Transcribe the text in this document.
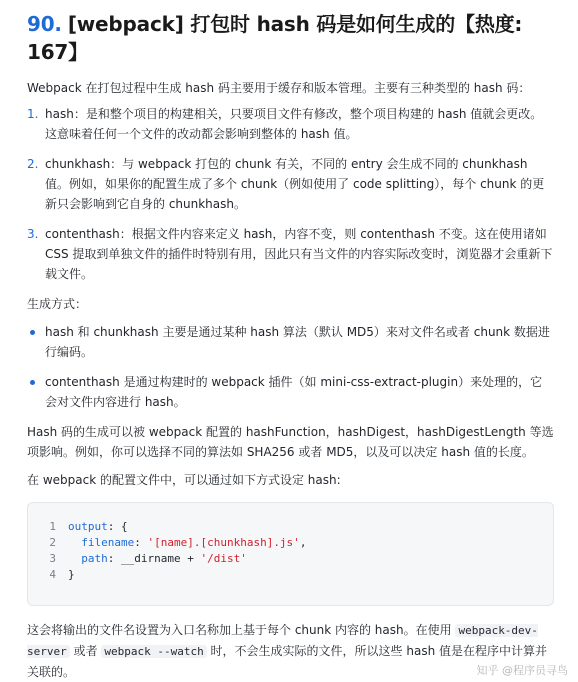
90. [webpack] 打包时 hash 码是如何生成的【热度: 167】

Webpack 在打包过程中生成 hash 码主要用于缓存和版本管理。主要有三种类型的 hash 码：

1. hash：是和整个项目的构建相关，只要项目文件有修改，整个项目构建的 hash 值就会更改。这意味着任何一个文件的改动都会影响到整体的 hash 值。
2. chunkhash：与 webpack 打包的 chunk 有关，不同的 entry 会生成不同的 chunkhash 值。例如，如果你的配置生成了多个 chunk（例如使用了 code splitting），每个 chunk 的更新只会影响到它自身的 chunkhash。
3. contenthash：根据文件内容来定义 hash，内容不变，则 contenthash 不变。这在使用诸如 CSS 提取到单独文件的插件时特别有用，因此只有当文件的内容实际改变时，浏览器才会重新下载文件。

生成方式：

hash 和 chunkhash 主要是通过某种 hash 算法（默认 MD5）来对文件名或者 chunk 数据进行编码。
contenthash 是通过构建时的 webpack 插件（如 mini-css-extract-plugin）来处理的，它会对文件内容进行 hash。

Hash 码的生成可以被 webpack 配置的 hashFunction，hashDigest，hashDigestLength 等选项影响。例如，你可以选择不同的算法如 SHA256 或者 MD5，以及可以决定 hash 值的长度。

在 webpack 的配置文件中，可以通过如下方式设定 hash:

1 output: {
2 filename: '[name].[chunkhash].js',
3 path: __dirname + '/dist'
4 }

这会将输出的文件名设置为入口名称加上基于每个 chunk 内容的 hash。在使用 webpack-dev-server 或者 webpack --watch 时，不会生成实际的文件，所以这些 hash 值是在程序中计算并关联的。	知乎 @程序员寻鸟
